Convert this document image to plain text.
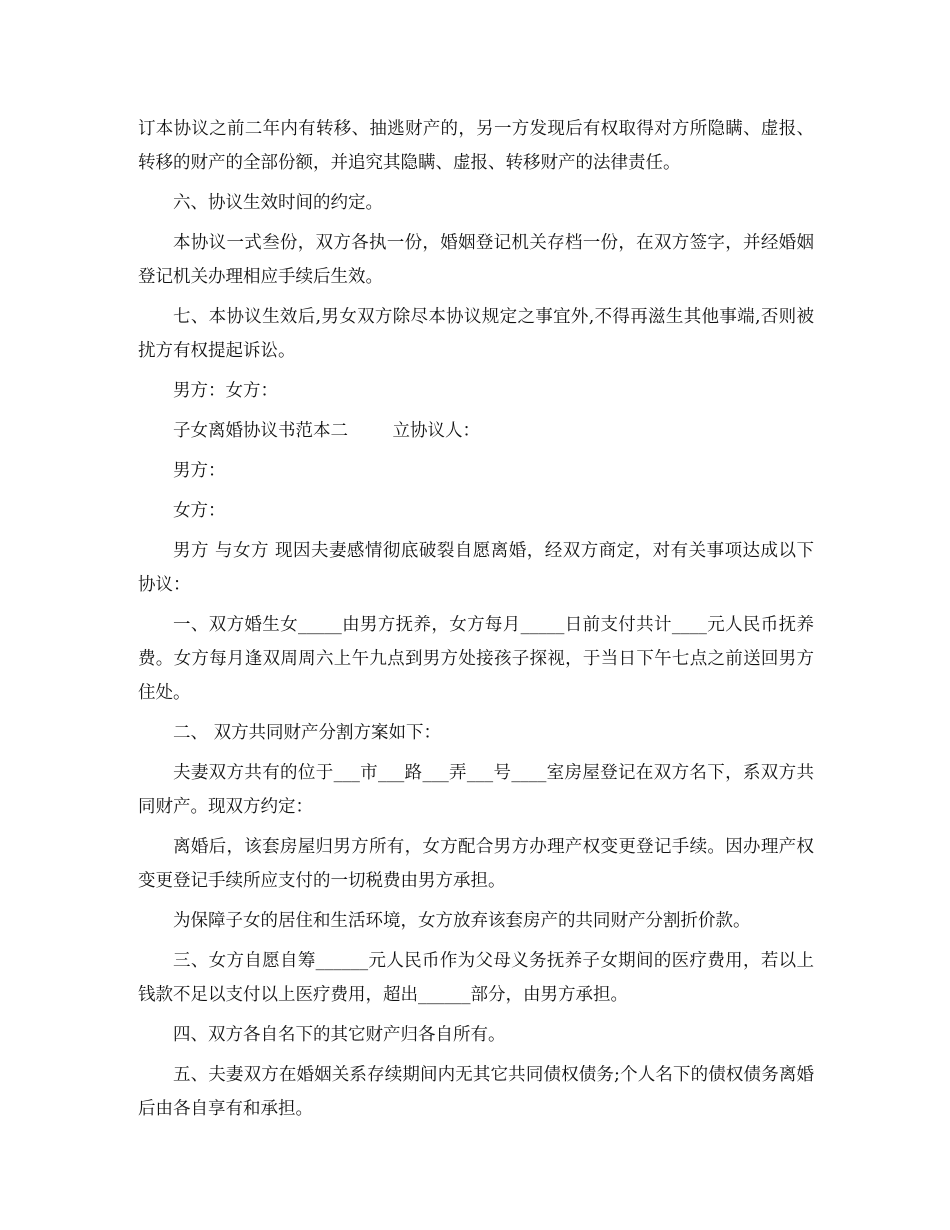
订本协议之前二年内有转移、抽逃财产的，另一方发现后有权取得对方所隐瞒、虚报、转移的财产的全部份额，并追究其隐瞒、虚报、转移财产的法律责任。

六、协议生效时间的约定。

本协议一式叁份，双方各执一份，婚姻登记机关存档一份，在双方签字，并经婚姻登记机关办理相应手续后生效。

七、本协议生效后,男女双方除尽本协议规定之事宜外,不得再滋生其他事端,否则被扰方有权提起诉讼。

男方：女方：

子女离婚协议书范本二        立协议人：

男方：

女方：

男方 与女方 现因夫妻感情彻底破裂自愿离婚，经双方商定，对有关事项达成以下协议：

一、双方婚生女_____由男方抚养，女方每月_____日前支付共计____元人民币抚养费。女方每月逢双周周六上午九点到男方处接孩子探视，于当日下午七点之前送回男方住处。

二、 双方共同财产分割方案如下：

夫妻双方共有的位于___市___路___弄___号____室房屋登记在双方名下，系双方共同财产。现双方约定：

离婚后，该套房屋归男方所有，女方配合男方办理产权变更登记手续。因办理产权变更登记手续所应支付的一切税费由男方承担。

为保障子女的居住和生活环境，女方放弃该套房产的共同财产分割折价款。

三、女方自愿自筹______元人民币作为父母义务抚养子女期间的医疗费用，若以上钱款不足以支付以上医疗费用，超出______部分，由男方承担。

四、双方各自名下的其它财产归各自所有。

五、夫妻双方在婚姻关系存续期间内无其它共同债权债务;个人名下的债权债务离婚后由各自享有和承担。
